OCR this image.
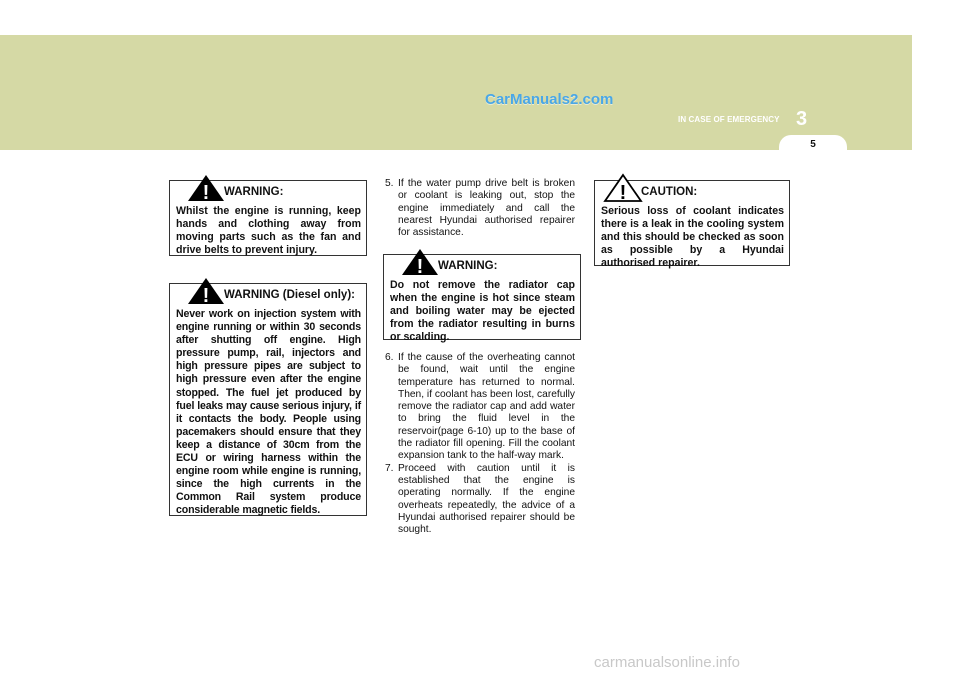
CarManuals2.com
IN CASE OF EMERGENCY 3
5
! WARNING:

Whilst the engine is running, keep hands and clothing away from moving parts such as the fan and drive belts to prevent injury.

! WARNING (Diesel only):

Never work on injection system with engine running or within 30 seconds after shutting off engine. High pressure pump, rail, injectors and high pressure pipes are subject to high pressure even after the engine stopped. The fuel jet produced by fuel leaks may cause serious injury, if it contacts the body. People using pacemakers should ensure that they keep a distance of 30cm from the ECU or wiring harness within the engine room while engine is running, since the high currents in the Common Rail system produce considerable magnetic fields.

5. If the water pump drive belt is broken or coolant is leaking out, stop the engine immediately and call the nearest Hyundai authorised repairer for assistance.
! WARNING:

Do not remove the radiator cap when the engine is hot since steam and boiling water may be ejected from the radiator resulting in burns or scalding.

6. If the cause of the overheating cannot be found, wait until the engine temperature has returned to normal. Then, if coolant has been lost, carefully remove the radiator cap and add water to bring the fluid level in the reservoir(page 6-10) up to the base of the radiator fill opening. Fill the coolant expansion tank to the half-way mark.
7. Proceed with caution until it is established that the engine is operating normally. If the engine overheats repeatedly, the advice of a Hyundai authorised repairer should be sought.
! CAUTION:

Serious loss of coolant indicates there is a leak in the cooling system and this should be checked as soon as possible by a Hyundai authorised repairer.

carmanualsonline.info
